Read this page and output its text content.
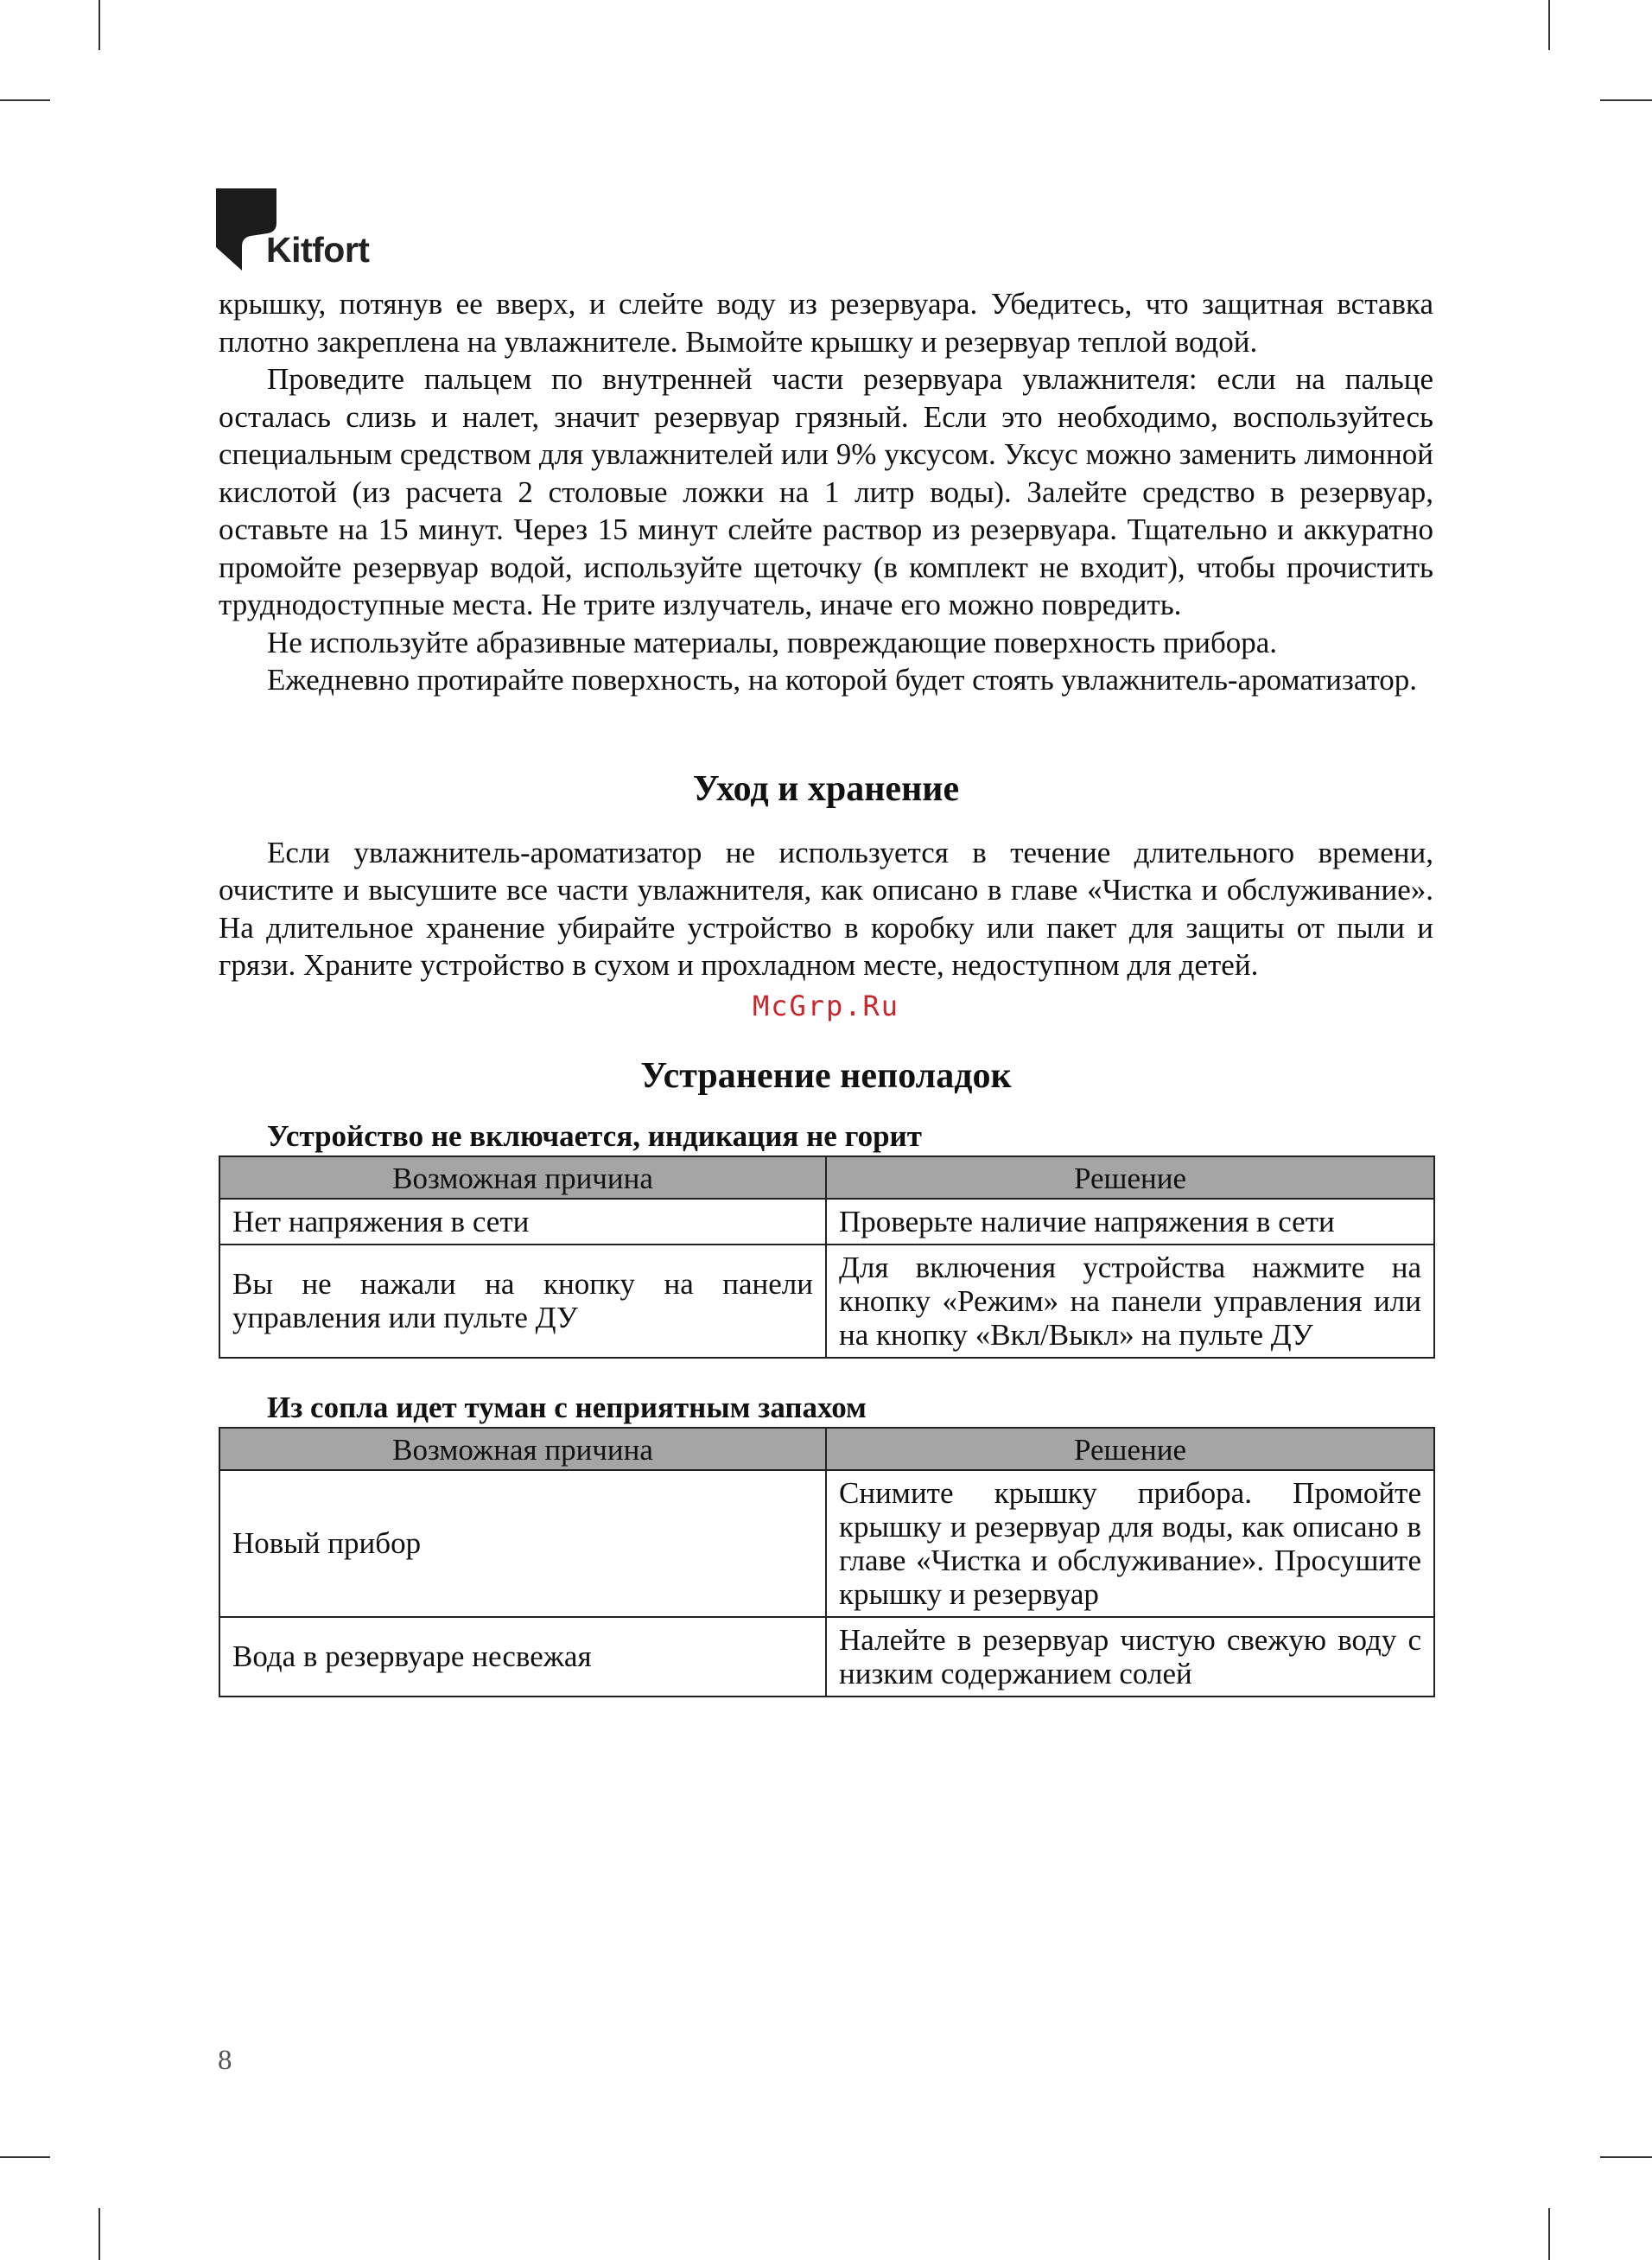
Kitfort

крышку, потянув ее вверх, и слейте воду из резервуара. Убедитесь, что защитная вставка плотно закреплена на увлажнителе. Вымойте крышку и резервуар теплой водой.

Проведите пальцем по внутренней части резервуара увлажнителя: если на пальце осталась слизь и налет, значит резервуар грязный. Если это необходимо, воспользуйтесь специальным средством для увлажнителей или 9% уксусом. Уксус можно заменить лимонной кислотой (из расчета 2 столовые ложки на 1 литр воды). Залейте средство в резервуар, оставьте на 15 минут. Через 15 минут слейте раствор из резервуара. Тщательно и аккуратно промойте резервуар водой, используйте щеточку (в комплект не входит), чтобы прочистить труднодоступные места. Не трите излучатель, иначе его можно повредить.

Не используйте абразивные материалы, повреждающие поверхность прибора.

Ежедневно протирайте поверхность, на которой будет стоять увлажнитель-ароматизатор.

Уход и хранение

Если увлажнитель-ароматизатор не используется в течение длительного времени, очистите и высушите все части увлажнителя, как описано в главе «Чистка и обслуживание». На длительное хранение убирайте устройство в коробку или пакет для защиты от пыли и грязи. Храните устройство в сухом и прохладном месте, недоступном для детей.

McGrp.Ru
Устранение неполадок
Устройство не включается, индикация не горит
Возможная причина	Решение
Нет напряжения в сети	Проверьте наличие напряжения в сети
Вы не нажали на кнопку на панели управления или пульте ДУ	Для включения устройства нажмите на кнопку «Режим» на панели управления или на кнопку «Вкл/Выкл» на пульте ДУ
Из сопла идет туман с неприятным запахом
Возможная причина	Решение
Новый прибор	Снимите крышку прибора. Промойте крышку и резервуар для воды, как описано в главе «Чистка и обслуживание». Просушите крышку и резервуар
Вода в резервуаре несвежая	Налейте в резервуар чистую свежую воду с низким содержанием солей
8
